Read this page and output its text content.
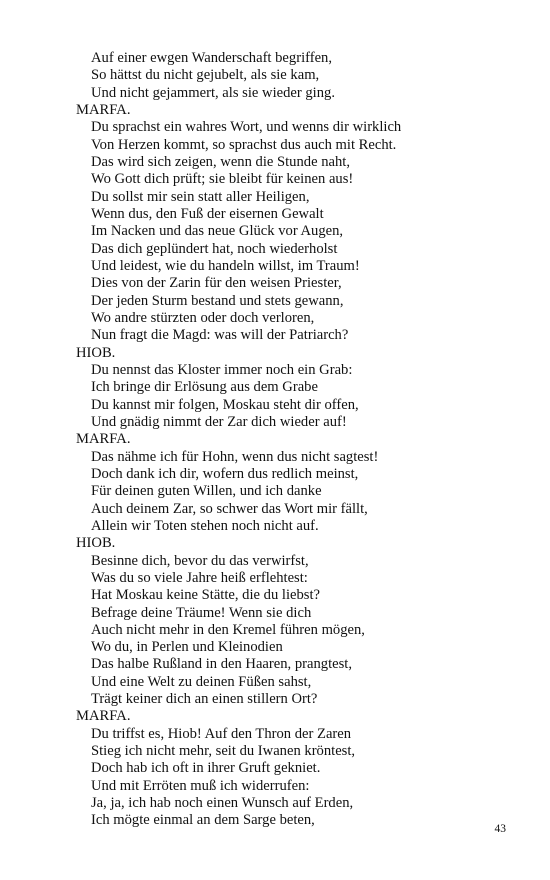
Auf einer ewgen Wanderschaft begriffen,
So hättst du nicht gejubelt, als sie kam,
Und nicht gejammert, als sie wieder ging.
MARFA.
Du sprachst ein wahres Wort, und wenns dir wirklich
Von Herzen kommt, so sprachst dus auch mit Recht.
Das wird sich zeigen, wenn die Stunde naht,
Wo Gott dich prüft; sie bleibt für keinen aus!
Du sollst mir sein statt aller Heiligen,
Wenn dus, den Fuß der eisernen Gewalt
Im Nacken und das neue Glück vor Augen,
Das dich geplündert hat, noch wiederholst
Und leidest, wie du handeln willst, im Traum!
Dies von der Zarin für den weisen Priester,
Der jeden Sturm bestand und stets gewann,
Wo andre stürzten oder doch verloren,
Nun fragt die Magd: was will der Patriarch?
HIOB.
Du nennst das Kloster immer noch ein Grab:
Ich bringe dir Erlösung aus dem Grabe
Du kannst mir folgen, Moskau steht dir offen,
Und gnädig nimmt der Zar dich wieder auf!
MARFA.
Das nähme ich für Hohn, wenn dus nicht sagtest!
Doch dank ich dir, wofern dus redlich meinst,
Für deinen guten Willen, und ich danke
Auch deinem Zar, so schwer das Wort mir fällt,
Allein wir Toten stehen noch nicht auf.
HIOB.
Besinne dich, bevor du das verwirfst,
Was du so viele Jahre heiß erflehtest:
Hat Moskau keine Stätte, die du liebst?
Befrage deine Träume! Wenn sie dich
Auch nicht mehr in den Kremel führen mögen,
Wo du, in Perlen und Kleinodien
Das halbe Rußland in den Haaren, prangtest,
Und eine Welt zu deinen Füßen sahst,
Trägt keiner dich an einen stillern Ort?
MARFA.
Du triffst es, Hiob! Auf den Thron der Zaren
Stieg ich nicht mehr, seit du Iwanen kröntest,
Doch hab ich oft in ihrer Gruft gekniet.
Und mit Erröten muß ich widerrufen:
Ja, ja, ich hab noch einen Wunsch auf Erden,
Ich mögte einmal an dem Sarge beten,
43
